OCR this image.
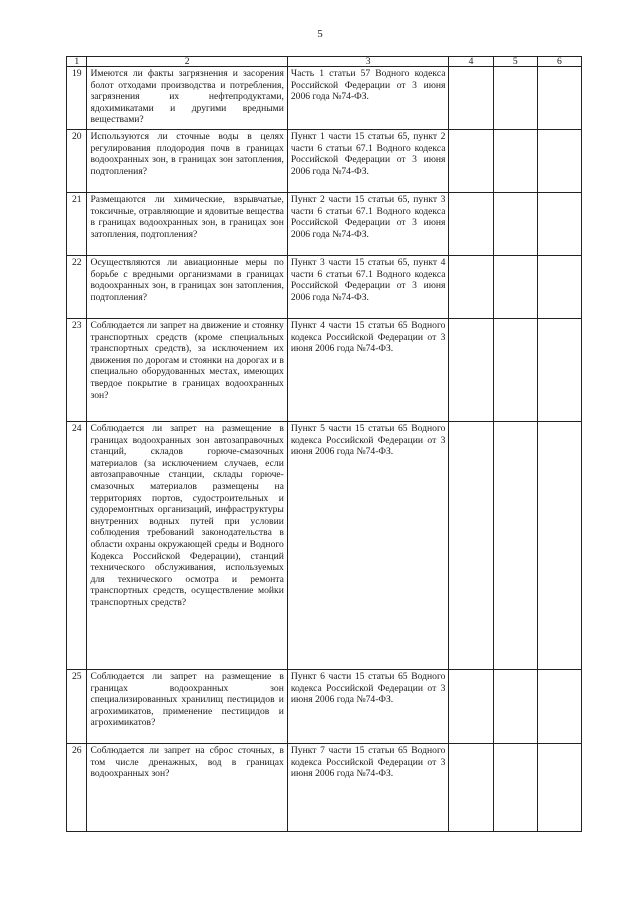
5
1	2	3	4	5	6
19	Имеются ли факты загрязнения и засорения болот отходами производства и потребления, загрязнения их нефтепродуктами, ядохимикатами и другими вредными веществами?	Часть 1 статьи 57 Водного кодекса Российской Федерации от 3 июня 2006 года №74-ФЗ.			
20	Используются ли сточные воды в целях регулирования плодородия почв в границах водоохранных зон, в границах зон затопления, подтопления?	Пункт 1 части 15 статьи 65, пункт 2 части 6 статьи 67.1 Водного кодекса Российской Федерации от 3 июня 2006 года №74-ФЗ.			
21	Размещаются ли химические, взрывчатые, токсичные, отравляющие и ядовитые вещества в границах водоохранных зон, в границах зон затопления, подтопления?	Пункт 2 части 15 статьи 65, пункт 3 части 6 статьи 67.1 Водного кодекса Российской Федерации от 3 июня 2006 года №74-ФЗ.			
22	Осуществляются ли авиационные меры по борьбе с вредными организмами в границах водоохранных зон, в границах зон затопления, подтопления?	Пункт 3 части 15 статьи 65, пункт 4 части 6 статьи 67.1 Водного кодекса Российской Федерации от 3 июня 2006 года №74-ФЗ.			
23	Соблюдается ли запрет на движение и стоянку транспортных средств (кроме специальных транспортных средств), за исключением их движения по дорогам и стоянки на дорогах и в специально оборудованных местах, имеющих твердое покрытие в границах водоохранных зон?	Пункт 4 части 15 статьи 65 Водного кодекса Российской Федерации от 3 июня 2006 года №74-ФЗ.			
24	Соблюдается ли запрет на размещение в границах водоохранных зон автозаправочных станций, складов горюче-смазочных материалов (за исключением случаев, если автозаправочные станции, склады горюче-смазочных материалов размещены на территориях портов, судостроительных и судоремонтных организаций, инфраструктуры внутренних водных путей при условии соблюдения требований законодательства в области охраны окружающей среды и Водного Кодекса Российской Федерации), станций технического обслуживания, используемых для технического осмотра и ремонта транспортных средств, осуществление мойки транспортных средств?	Пункт 5 части 15 статьи 65 Водного кодекса Российской Федерации от 3 июня 2006 года №74-ФЗ.			
25	Соблюдается ли запрет на размещение в границах водоохранных зон специализированных хранилищ пестицидов и агрохимикатов, применение пестицидов и агрохимикатов?	Пункт 6 части 15 статьи 65 Водного кодекса Российской Федерации от 3 июня 2006 года №74-ФЗ.			
26	Соблюдается ли запрет на сброс сточных, в том числе дренажных, вод в границах водоохранных зон?	Пункт 7 части 15 статьи 65 Водного кодекса Российской Федерации от 3 июня 2006 года №74-ФЗ.			
